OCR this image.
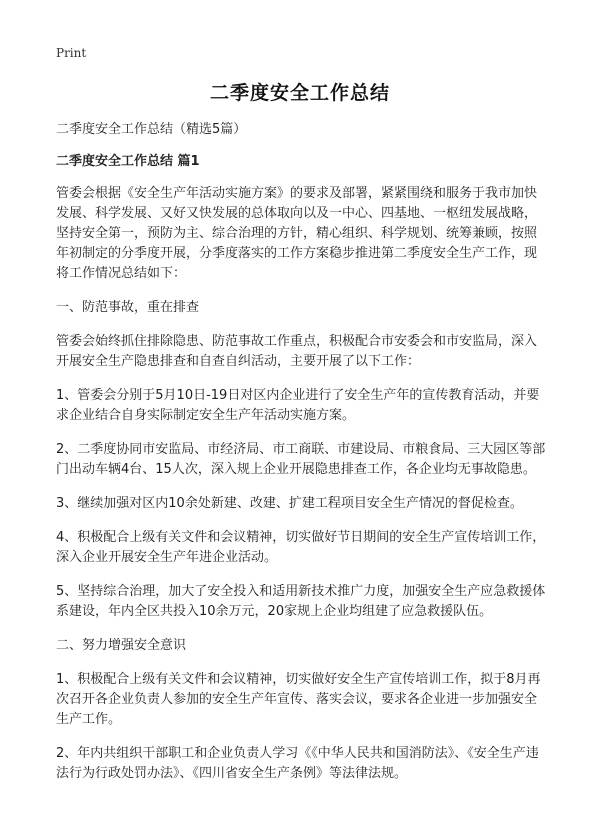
Print
二季度安全工作总结

二季度安全工作总结（精选5篇）

二季度安全工作总结 篇1

管委会根据《安全生产年活动实施方案》的要求及部署，紧紧围绕和服务于我市加快发展、科学发展、又好又快发展的总体取向以及一中心、四基地、一枢纽发展战略，坚持安全第一，预防为主、综合治理的方针，精心组织、科学规划、统筹兼顾，按照年初制定的分季度开展，分季度落实的工作方案稳步推进第二季度安全生产工作，现将工作情况总结如下：

一、防范事故，重在排查

管委会始终抓住排除隐患、防范事故工作重点，积极配合市安委会和市安监局，深入开展安全生产隐患排查和自查自纠活动，主要开展了以下工作：

1、管委会分别于5月10日-19日对区内企业进行了安全生产年的宣传教育活动，并要求企业结合自身实际制定安全生产年活动实施方案。

2、二季度协同市安监局、市经济局、市工商联、市建设局、市粮食局、三大园区等部门出动车辆4台、15人次，深入规上企业开展隐患排查工作，各企业均无事故隐患。

3、继续加强对区内10余处新建、改建、扩建工程项目安全生产情况的督促检查。

4、积极配合上级有关文件和会议精神，切实做好节日期间的安全生产宣传培训工作，深入企业开展安全生产年进企业活动。

5、坚持综合治理，加大了安全投入和适用新技术推广力度，加强安全生产应急救援体系建设，年内全区共投入10余万元，20家规上企业均组建了应急救援队伍。

二、努力增强安全意识

1、积极配合上级有关文件和会议精神，切实做好安全生产宣传培训工作，拟于8月再次召开各企业负责人参加的安全生产年宣传、落实会议，要求各企业进一步加强安全生产工作。

2、年内共组织干部职工和企业负责人学习《《中华人民共和国消防法》、《安全生产违法行为行政处罚办法》、《四川省安全生产条例》等法律法规。
